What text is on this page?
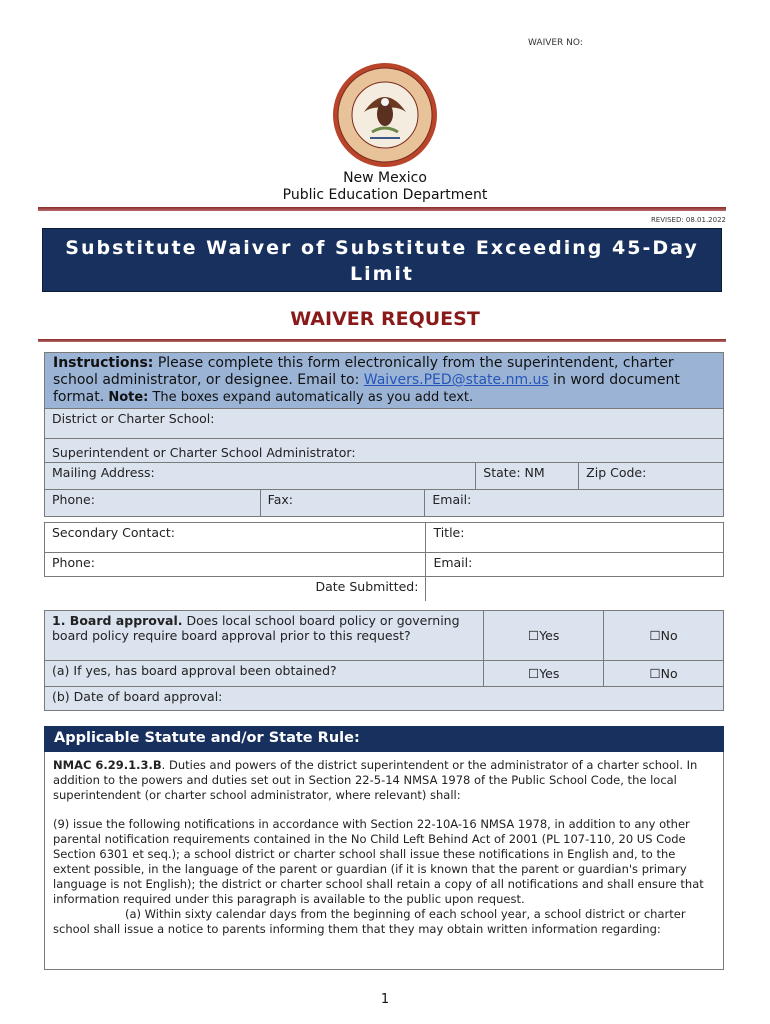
WAIVER NO:
New Mexico
Public Education Department
REVISED: 08.01.2022
Substitute Waiver of Substitute Exceeding 45-Day Limit
WAIVER REQUEST
Instructions: Please complete this form electronically from the superintendent, charter school administrator, or designee. Email to: Waivers.PED@state.nm.us in word document format. Note: The boxes expand automatically as you add text.				
District or Charter School:				
Superintendent or Charter School Administrator:				
Mailing Address:			State: NM	Zip Code:
Phone:	Fax:	Email:		
Secondary Contact:	Title:
Phone:	Email:
Date Submitted:	
1. Board approval. Does local school board policy or governing board policy require board approval prior to this request?	☐Yes	☐No
(a) If yes, has board approval been obtained?	☐Yes	☐No
(b) Date of board approval:		
Applicable Statute and/or State Rule:

NMAC 6.29.1.3.B. Duties and powers of the district superintendent or the administrator of a charter school. In addition to the powers and duties set out in Section 22-5-14 NMSA 1978 of the Public School Code, the local superintendent (or charter school administrator, where relevant) shall:

(9) issue the following notifications in accordance with Section 22-10A-16 NMSA 1978, in addition to any other parental notification requirements contained in the No Child Left Behind Act of 2001 (PL 107-110, 20 US Code Section 6301 et seq.); a school district or charter school shall issue these notifications in English and, to the extent possible, in the language of the parent or guardian (if it is known that the parent or guardian's primary language is not English); the district or charter school shall retain a copy of all notifications and shall ensure that information required under this paragraph is available to the public upon request.

(a) Within sixty calendar days from the beginning of each school year, a school district or charter school shall issue a notice to parents informing them that they may obtain written information regarding:

1
